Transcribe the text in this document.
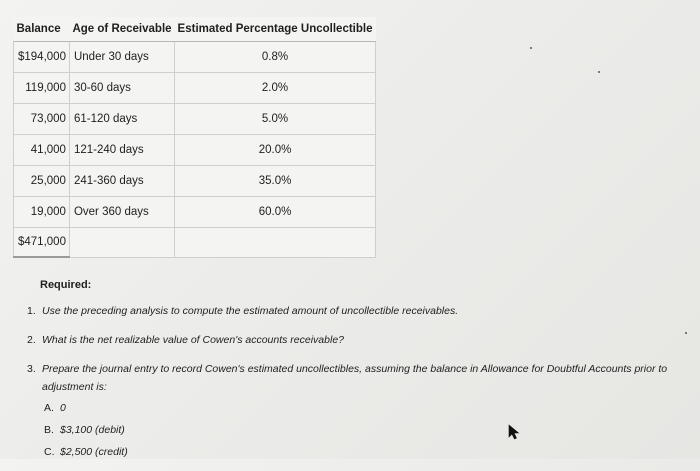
Balance	Age of Receivable	Estimated Percentage Uncollectible
$194,000	Under 30 days	0.8%
119,000	30-60 days	2.0%
73,000	61-120 days	5.0%
41,000	121-240 days	20.0%
25,000	241-360 days	35.0%
19,000	Over 360 days	60.0%
$471,000		
Required:
1. Use the preceding analysis to compute the estimated amount of uncollectible receivables.
2. What is the net realizable value of Cowen's accounts receivable?
3. Prepare the journal entry to record Cowen's estimated uncollectibles, assuming the balance in Allowance for Doubtful Accounts prior to
adjustment is:
A. 0
B. $3,100 (debit)
C. $2,500 (credit)
